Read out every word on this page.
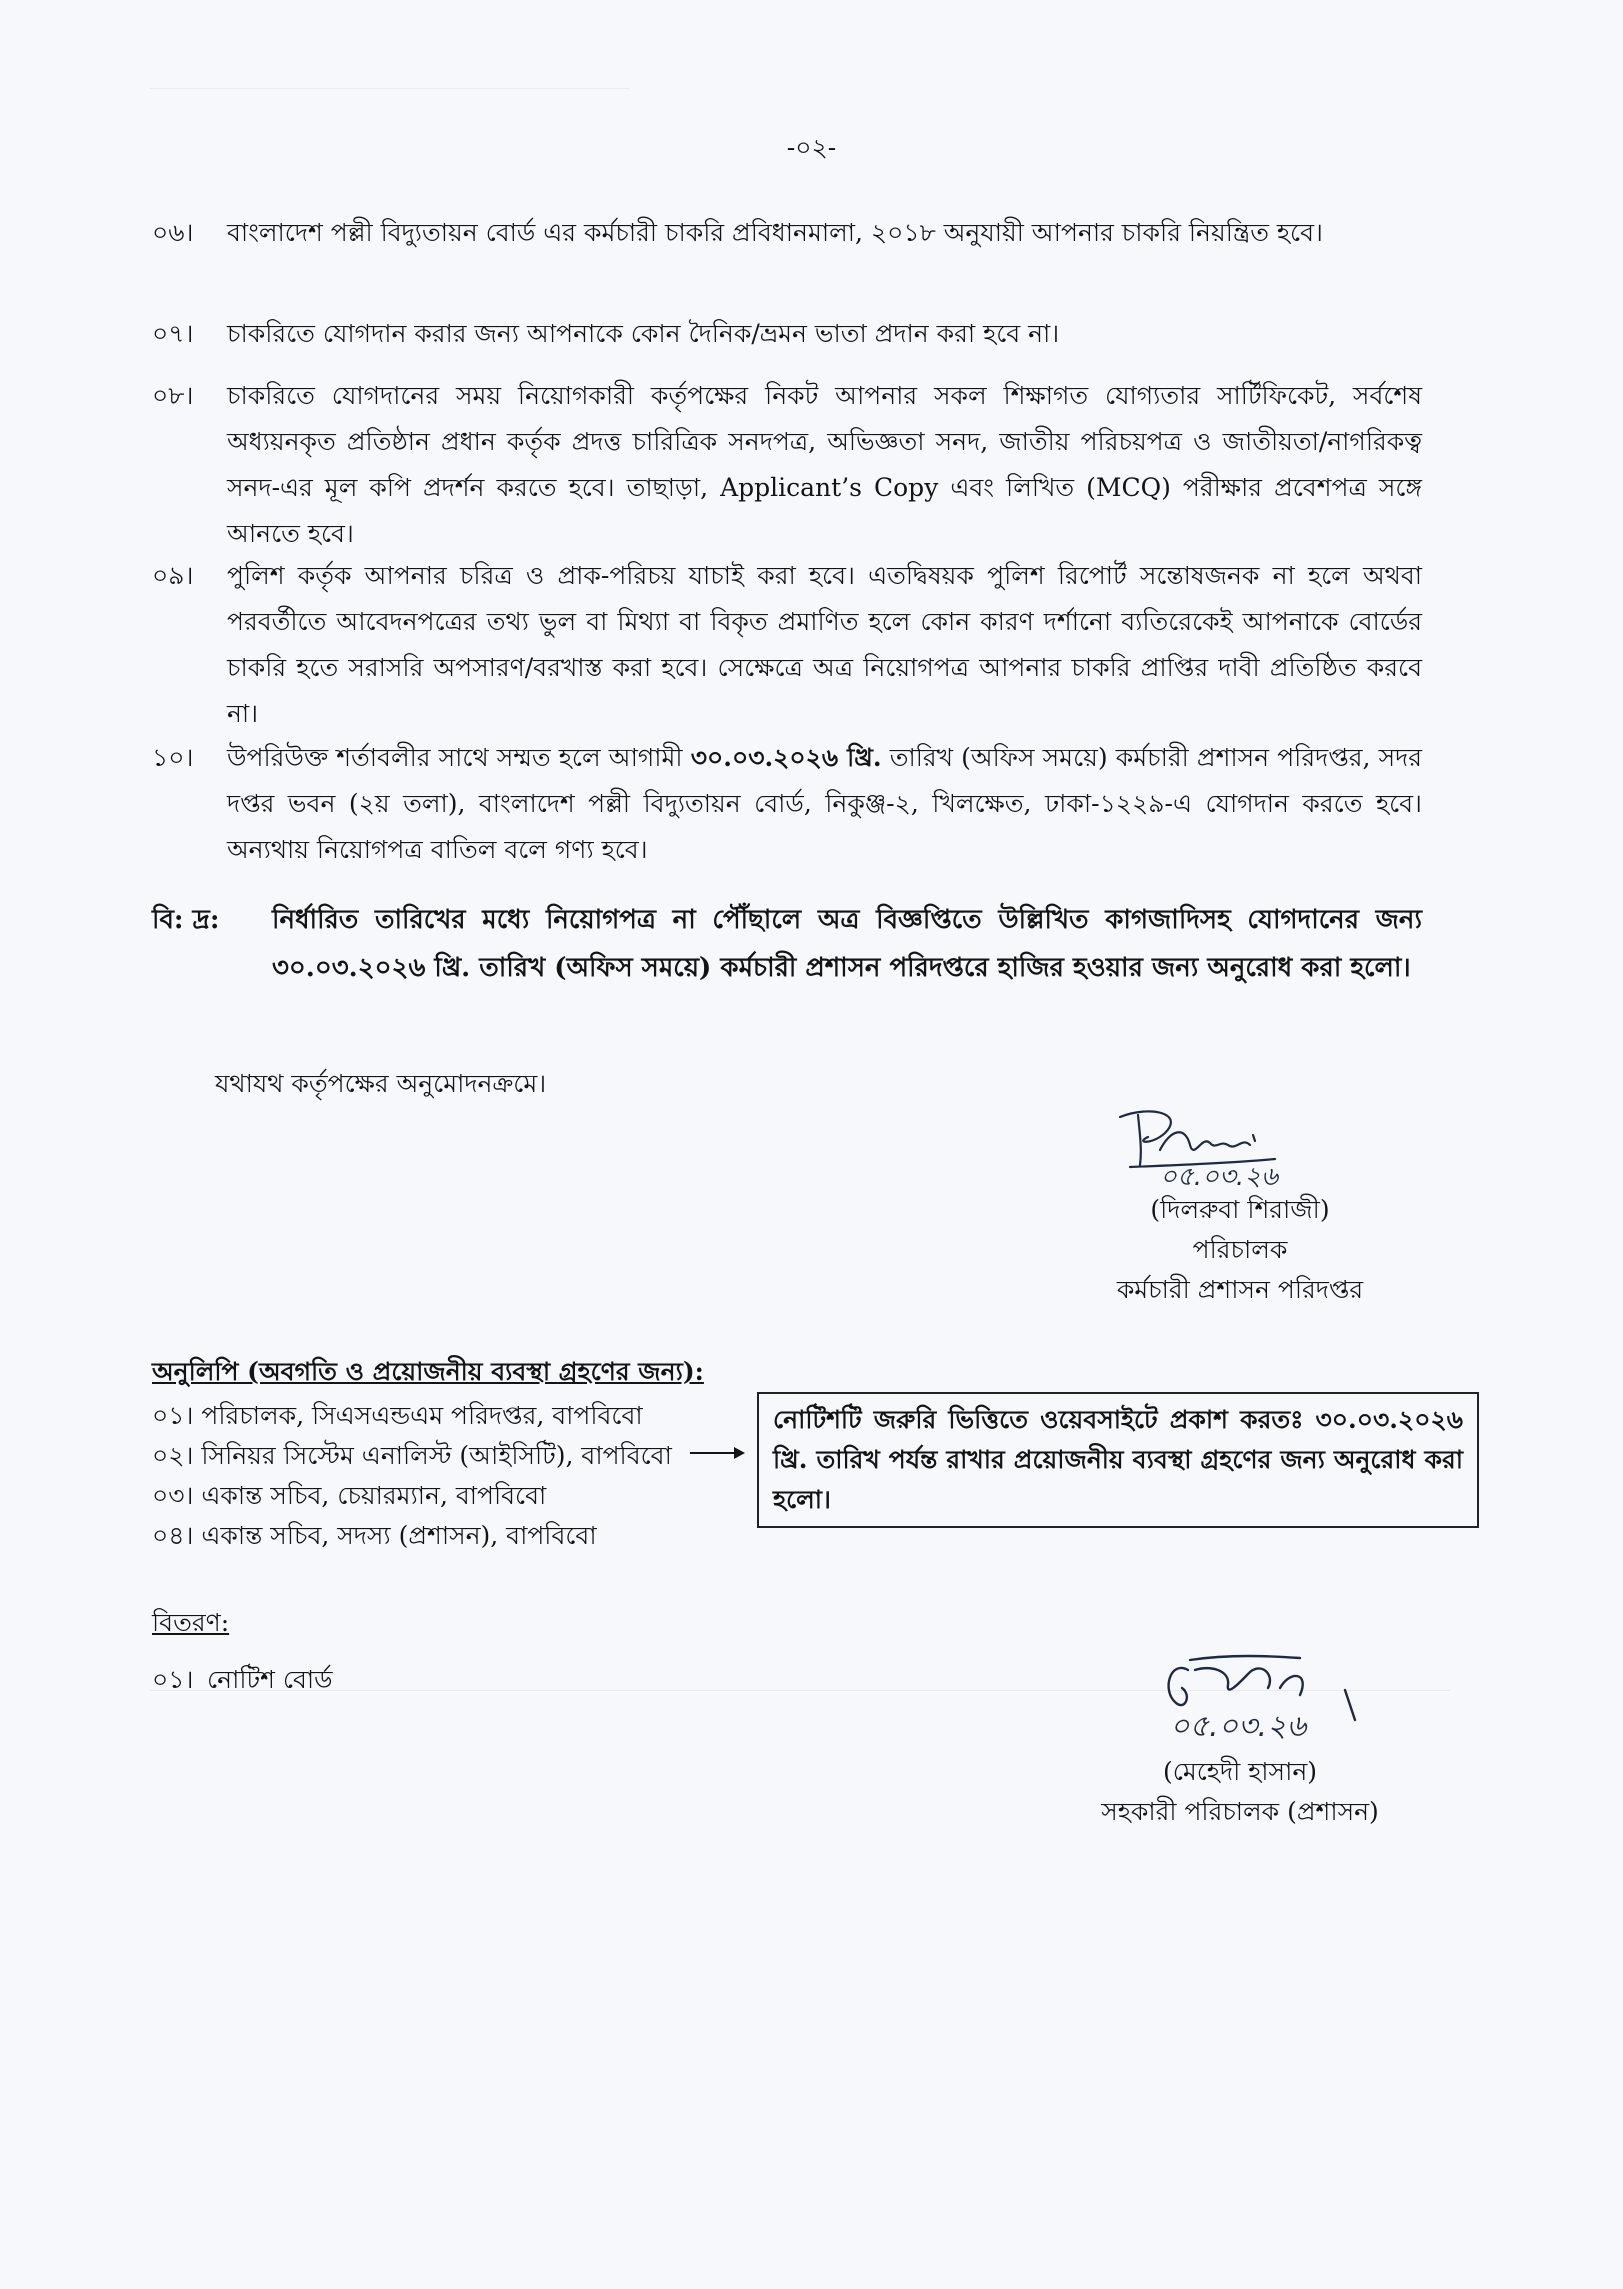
-০২-
০৬।	বাংলাদেশ পল্লী বিদ্যুতায়ন বোর্ড এর কর্মচারী চাকরি প্রবিধানমালা, ২০১৮ অনুযায়ী আপনার চাকরি নিয়ন্ত্রিত হবে।
০৭।	চাকরিতে যোগদান করার জন্য আপনাকে কোন দৈনিক/ভ্রমন ভাতা প্রদান করা হবে না।
০৮।	চাকরিতে যোগদানের সময় নিয়োগকারী কর্তৃপক্ষের নিকট আপনার সকল শিক্ষাগত যোগ্যতার সার্টিফিকেট, সর্বশেষ অধ্যয়নকৃত প্রতিষ্ঠান প্রধান কর্তৃক প্রদত্ত চারিত্রিক সনদপত্র, অভিজ্ঞতা সনদ, জাতীয় পরিচয়পত্র ও জাতীয়তা/নাগরিকত্ব সনদ-এর মূল কপি প্রদর্শন করতে হবে। তাছাড়া, Applicant’s Copy এবং লিখিত (MCQ) পরীক্ষার প্রবেশপত্র সঙ্গে আনতে হবে।
০৯।	পুলিশ কর্তৃক আপনার চরিত্র ও প্রাক-পরিচয় যাচাই করা হবে। এতদ্বিষয়ক পুলিশ রিপোর্ট সন্তোষজনক না হলে অথবা পরবর্তীতে আবেদনপত্রের তথ্য ভুল বা মিথ্যা বা বিকৃত প্রমাণিত হলে কোন কারণ দর্শানো ব্যতিরেকেই আপনাকে বোর্ডের চাকরি হতে সরাসরি অপসারণ/বরখাস্ত করা হবে। সেক্ষেত্রে অত্র নিয়োগপত্র আপনার চাকরি প্রাপ্তির দাবী প্রতিষ্ঠিত করবে না।
১০।	উপরিউক্ত শর্তাবলীর সাথে সম্মত হলে আগামী ৩০.০৩.২০২৬ খ্রি. তারিখ (অফিস সময়ে) কর্মচারী প্রশাসন পরিদপ্তর, সদর দপ্তর ভবন (২য় তলা), বাংলাদেশ পল্লী বিদ্যুতায়ন বোর্ড, নিকুঞ্জ-২, খিলক্ষেত, ঢাকা-১২২৯-এ যোগদান করতে হবে। অন্যথায় নিয়োগপত্র বাতিল বলে গণ্য হবে।
বি: দ্র:	নির্ধারিত তারিখের মধ্যে নিয়োগপত্র না পৌঁছালে অত্র বিজ্ঞপ্তিতে উল্লিখিত কাগজাদিসহ যোগদানের জন্য ৩০.০৩.২০২৬ খ্রি. তারিখ (অফিস সময়ে) কর্মচারী প্রশাসন পরিদপ্তরে হাজির হওয়ার জন্য অনুরোধ করা হলো।
যথাযথ কর্তৃপক্ষের অনুমোদনক্রমে।
০৫.০৩.২৬
(দিলরুবা শিরাজী)
পরিচালক
কর্মচারী প্রশাসন পরিদপ্তর
অনুলিপি (অবগতি ও প্রয়োজনীয় ব্যবস্থা গ্রহণের জন্য):
০১। পরিচালক, সিএসএন্ডএম পরিদপ্তর, বাপবিবো
০২। সিনিয়র সিস্টেম এনালিস্ট (আইসিটি), বাপবিবো
০৩। একান্ত সচিব, চেয়ারম্যান, বাপবিবো
০৪। একান্ত সচিব, সদস্য (প্রশাসন), বাপবিবো
নোটিশটি জরুরি ভিত্তিতে ওয়েবসাইটে প্রকাশ করতঃ ৩০.০৩.২০২৬ খ্রি. তারিখ পর্যন্ত রাখার প্রয়োজনীয় ব্যবস্থা গ্রহণের জন্য অনুরোধ করা হলো।
বিতরণ:
০১। নোটিশ বোর্ড
০৫.০৩.২৬
(মেহেদী হাসান)
সহকারী পরিচালক (প্রশাসন)
